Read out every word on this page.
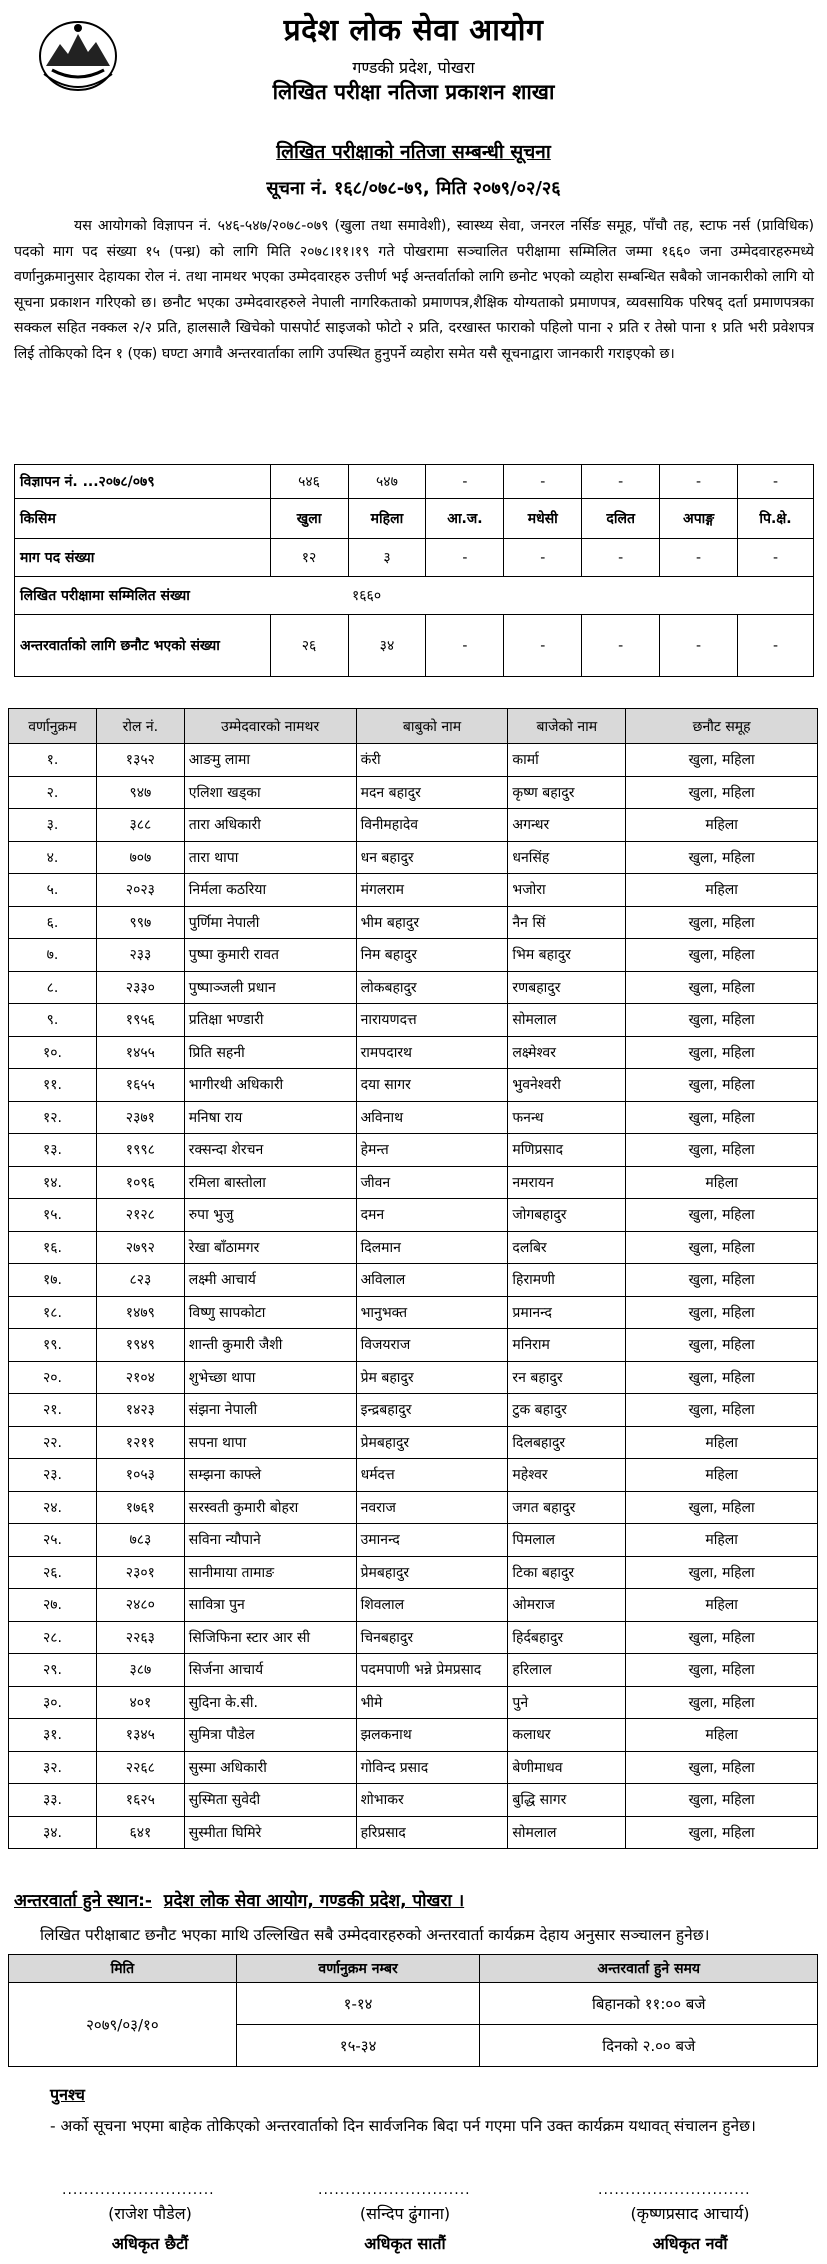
प्रदेश लोक सेवा आयोग
गण्डकी प्रदेश, पोखरा
लिखित परीक्षा नतिजा प्रकाशन शाखा
लिखित परीक्षाको नतिजा सम्बन्धी सूचना
सूचना नं. १६८/०७८-७९, मिति २०७९/०२/२६
यस आयोगको विज्ञापन नं. ५४६-५४७/२०७८-०७९ (खुला तथा समावेशी), स्वास्थ्य सेवा, जनरल नर्सिङ समूह, पाँचौ तह, स्टाफ नर्स (प्राविधिक) पदको माग पद संख्या १५ (पन्ध्र) को लागि मिति २०७८।११।१९ गते पोखरामा सञ्चालित परीक्षामा सम्मिलित जम्मा १६६० जना उम्मेदवारहरुमध्ये वर्णानुक्रमानुसार देहायका रोल नं. तथा नामथर भएका उम्मेदवारहरु उत्तीर्ण भई अन्तर्वार्ताको लागि छनोट भएको व्यहोरा सम्बन्धित सबैको जानकारीको लागि यो सूचना प्रकाशन गरिएको छ। छनौट भएका उम्मेदवारहरुले नेपाली नागरिकताको प्रमाणपत्र,शैक्षिक योग्यताको प्रमाणपत्र, व्यवसायिक परिषद् दर्ता प्रमाणपत्रका सक्कल सहित नक्कल २/२ प्रति, हालसालै खिचेको पासपोर्ट साइजको फोटो २ प्रति, दरखास्त फाराको पहिलो पाना २ प्रति र तेस्रो पाना १ प्रति भरी प्रवेशपत्र लिई तोकिएको दिन १ (एक) घण्टा अगावै अन्तरवार्ताका लागि उपस्थित हुनुपर्ने व्यहोरा समेत यसै सूचनाद्वारा जानकारी गराइएको छ।
विज्ञापन नं. ...२०७८/०७९	५४६	५४७	-	-	-	-	-
किसिम	खुला	महिला	आ.ज.	मधेसी	दलित	अपाङ्ग	पि.क्षे.
माग पद संख्या	१२	३	-	-	-	-	-
लिखित परीक्षामा सम्मिलित संख्या		१६६०					
अन्तरवार्ताको लागि छनौट भएको संख्या	२६	३४	-	-	-	-	-
वर्णानुक्रम	रोल नं.	उम्मेदवारको नामथर	बाबुको नाम	बाजेको नाम	छनौट समूह
१.	१३५२	आङमु लामा	कंरी	कार्मा	खुला, महिला
२.	९४७	एलिशा खड्का	मदन बहादुर	कृष्ण बहादुर	खुला, महिला
३.	३८८	तारा अधिकारी	विनीमहादेव	अगन्धर	महिला
४.	७०७	तारा थापा	धन बहादुर	धनसिंह	खुला, महिला
५.	२०२३	निर्मला कठरिया	मंगलराम	भजोरा	महिला
६.	९९७	पुर्णिमा नेपाली	भीम बहादुर	नैन सिं	खुला, महिला
७.	२३३	पुष्पा कुमारी रावत	निम बहादुर	भिम बहादुर	खुला, महिला
८.	२३३०	पुष्पाञ्जली प्रधान	लोकबहादुर	रणबहादुर	खुला, महिला
९.	१९५६	प्रतिक्षा भण्डारी	नारायणदत्त	सोमलाल	खुला, महिला
१०.	१४५५	प्रिति सहनी	रामपदारथ	लक्ष्मेश्वर	खुला, महिला
११.	१६५५	भागीरथी अधिकारी	दया सागर	भुवनेश्वरी	खुला, महिला
१२.	२३७१	मनिषा राय	अविनाथ	फनन्ध	खुला, महिला
१३.	१९९८	रक्सन्दा शेरचन	हेमन्त	मणिप्रसाद	खुला, महिला
१४.	१०९६	रमिला बास्तोला	जीवन	नमरायन	महिला
१५.	२१२८	रुपा भुजु	दमन	जोगबहादुर	खुला, महिला
१६.	२७९२	रेखा बाँठामगर	दिलमान	दलबिर	खुला, महिला
१७.	८२३	लक्ष्मी आचार्य	अविलाल	हिरामणी	खुला, महिला
१८.	१४७९	विष्णु सापकोटा	भानुभक्त	प्रमानन्द	खुला, महिला
१९.	१९४९	शान्ती कुमारी जैशी	विजयराज	मनिराम	खुला, महिला
२०.	२१०४	शुभेच्छा थापा	प्रेम बहादुर	रन बहादुर	खुला, महिला
२१.	१४२३	संझना नेपाली	इन्द्रबहादुर	टुक बहादुर	खुला, महिला
२२.	१२११	सपना थापा	प्रेमबहादुर	दिलबहादुर	महिला
२३.	१०५३	सम्झना काफ्ले	धर्मदत्त	महेश्वर	महिला
२४.	१७६१	सरस्वती कुमारी बोहरा	नवराज	जगत बहादुर	खुला, महिला
२५.	७८३	सविना न्यौपाने	उमानन्द	पिमलाल	महिला
२६.	२३०१	सानीमाया तामाङ	प्रेमबहादुर	टिका बहादुर	खुला, महिला
२७.	२४८०	सावित्रा पुन	शिवलाल	ओमराज	महिला
२८.	२२६३	सिजिफिना स्टार आर सी	चिनबहादुर	हिर्दबहादुर	खुला, महिला
२९.	३८७	सिर्जना आचार्य	पदमपाणी भन्ने प्रेमप्रसाद	हरिलाल	खुला, महिला
३०.	४०१	सुदिना के.सी.	भीमे	पुने	खुला, महिला
३१.	१३४५	सुमित्रा पौडेल	झलकनाथ	कलाधर	महिला
३२.	२२६८	सुस्मा अधिकारी	गोविन्द प्रसाद	बेणीमाधव	खुला, महिला
३३.	१६२५	सुस्मिता सुवेदी	शोभाकर	बुद्धि सागर	खुला, महिला
३४.	६४१	सुस्मीता घिमिरे	हरिप्रसाद	सोमलाल	खुला, महिला
अन्तरवार्ता हुने स्थान:- प्रदेश लोक सेवा आयोग, गण्डकी प्रदेश, पोखरा ।
लिखित परीक्षाबाट छनौट भएका माथि उल्लिखित सबै उम्मेदवारहरुको अन्तरवार्ता कार्यक्रम देहाय अनुसार सञ्चालन हुनेछ।
मिति	वर्णानुक्रम नम्बर	अन्तरवार्ता हुने समय
२०७९/०३/१०	१-१४	बिहानको ११:०० बजे
	१५-३४	दिनको २.०० बजे
पुनश्च
- अर्को सूचना भएमा बाहेक तोकिएको अन्तरवार्ताको दिन सार्वजनिक बिदा पर्न गएमा पनि उक्त कार्यक्रम यथावत् संचालन हुनेछ।
............................	............................	............................
(राजेश पौडेल)	(सन्दिप ढुंगाना)	(कृष्णप्रसाद आचार्य)
अधिकृत छैटौं	अधिकृत सातौं	अधिकृत नवौं
